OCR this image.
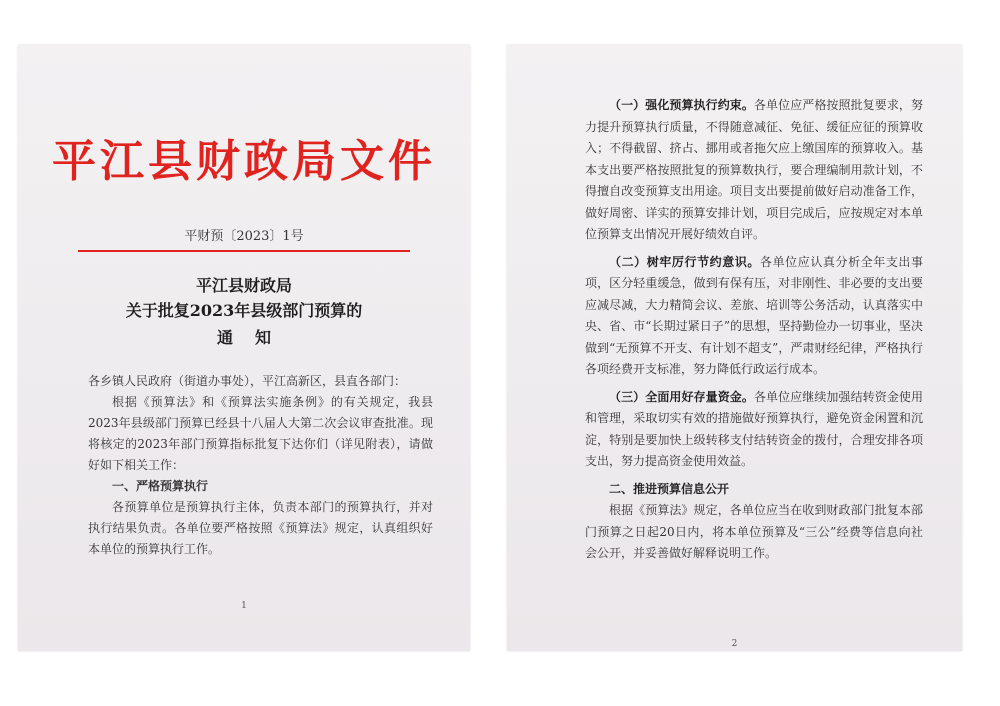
平江县财政局文件
平财预〔2023〕1号
平江县财政局
关于批复2023年县级部门预算的
通知

各乡镇人民政府（街道办事处），平江高新区，县直各部门：

根据《预算法》和《预算法实施条例》的有关规定，我县2023年县级部门预算已经县十八届人大第二次会议审查批准。现将核定的2023年部门预算指标批复下达你们（详见附表），请做好如下相关工作：

一、严格预算执行

各预算单位是预算执行主体，负责本部门的预算执行，并对执行结果负责。各单位要严格按照《预算法》规定，认真组织好本单位的预算执行工作。

1

（一）强化预算执行约束。各单位应严格按照批复要求，努力提升预算执行质量，不得随意减征、免征、缓征应征的预算收入；不得截留、挤占、挪用或者拖欠应上缴国库的预算收入。基本支出要严格按照批复的预算数执行，要合理编制用款计划，不得擅自改变预算支出用途。项目支出要提前做好启动准备工作，做好周密、详实的预算安排计划，项目完成后，应按规定对本单位预算支出情况开展好绩效自评。

（二）树牢厉行节约意识。各单位应认真分析全年支出事项，区分轻重缓急，做到有保有压，对非刚性、非必要的支出要应减尽减，大力精简会议、差旅、培训等公务活动，认真落实中央、省、市“长期过紧日子”的思想，坚持勤俭办一切事业，坚决做到“无预算不开支、有计划不超支”，严肃财经纪律，严格执行各项经费开支标准，努力降低行政运行成本。

（三）全面用好存量资金。各单位应继续加强结转资金使用和管理，采取切实有效的措施做好预算执行，避免资金闲置和沉淀，特别是要加快上级转移支付结转资金的拨付，合理安排各项支出，努力提高资金使用效益。

二、推进预算信息公开

根据《预算法》规定，各单位应当在收到财政部门批复本部门预算之日起20日内，将本单位预算及“三公”经费等信息向社会公开，并妥善做好解释说明工作。

2
